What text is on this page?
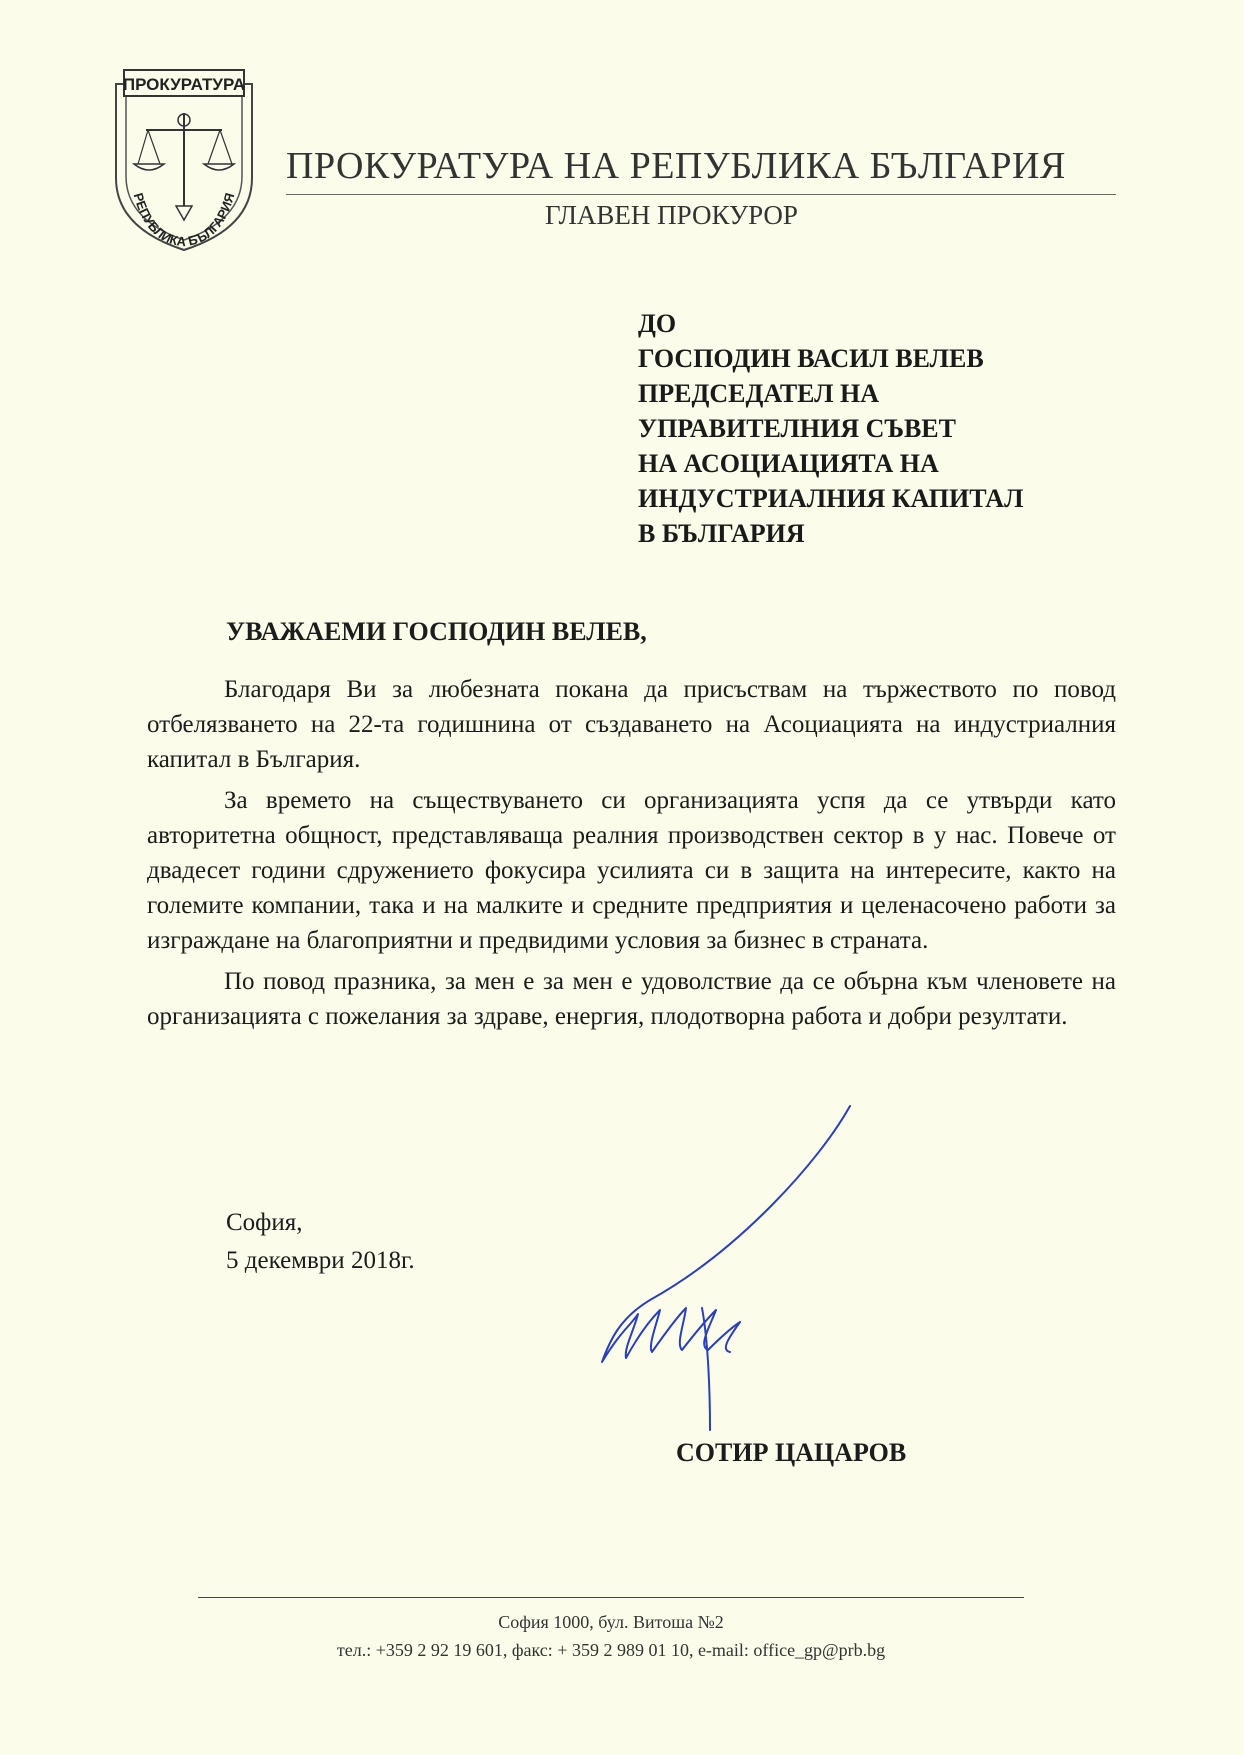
ПРОКУРАТУРА
РЕПУБЛИКА БЪЛГАРИЯ
ПРОКУРАТУРА НА РЕПУБЛИКА БЪЛГАРИЯ
ГЛАВЕН ПРОКУРОР
ДО
ГОСПОДИН ВАСИЛ ВЕЛЕВ
ПРЕДСЕДАТЕЛ НА
УПРАВИТЕЛНИЯ СЪВЕТ
НА АСОЦИАЦИЯТА НА
ИНДУСТРИАЛНИЯ КАПИТАЛ
В БЪЛГАРИЯ
УВАЖАЕМИ ГОСПОДИН ВЕЛЕВ,

Благодаря Ви за любезната покана да присъствам на тържеството по повод отбелязването на 22-та годишнина от създаването на Асоциацията на индустриалния капитал в България.

За времето на съществуването си организацията успя да се утвърди като авторитетна общност, представляваща реалния производствен сектор в у нас. Повече от двадесет години сдружението фокусира усилията си в защита на интересите, както на големите компании, така и на малките и средните предприятия и целенасочено работи за изграждане на благоприятни и предвидими условия за бизнес в страната.

По повод празника, за мен е за мен е удоволствие да се обърна към членовете на организацията с пожелания за здраве, енергия, плодотворна работа и добри резултати.

София,
5 декември 2018г.
СОТИР ЦАЦАРОВ
София 1000, бул. Витоша №2
тел.: +359 2 92 19 601, факс: + 359 2 989 01 10, e-mail: office_gp@prb.bg
